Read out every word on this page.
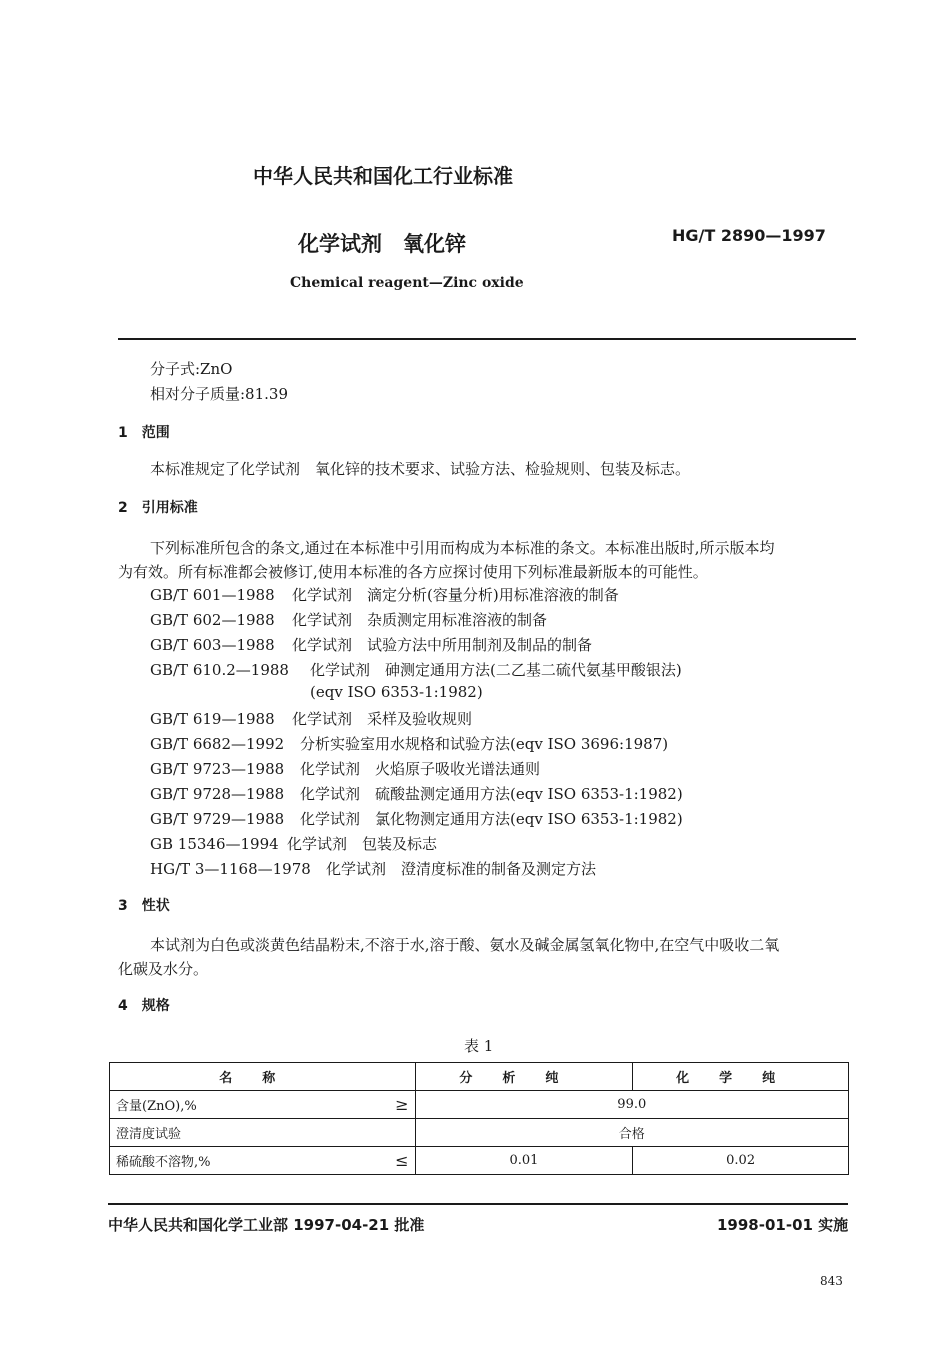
中华人民共和国化工行业标准
化学试剂　氧化锌	HG/T 2890—1997
Chemical reagent—Zinc oxide
分子式:ZnO
相对分子质量:81.39
1　范围
本标准规定了化学试剂　氧化锌的技术要求、试验方法、检验规则、包装及标志。
2　引用标准
下列标准所包含的条文,通过在本标准中引用而构成为本标准的条文。本标准出版时,所示版本均
为有效。所有标准都会被修订,使用本标准的各方应探讨使用下列标准最新版本的可能性。
GB/T 601—1988 化学试剂　滴定分析(容量分析)用标准溶液的制备
GB/T 602—1988 化学试剂　杂质测定用标准溶液的制备
GB/T 603—1988 化学试剂　试验方法中所用制剂及制品的制备
GB/T 610.2—1988 化学试剂　砷测定通用方法(二乙基二硫代氨基甲酸银法)
(eqv ISO 6353-1:1982)
GB/T 619—1988 化学试剂　采样及验收规则
GB/T 6682—1992 分析实验室用水规格和试验方法(eqv ISO 3696:1987)
GB/T 9723—1988 化学试剂　火焰原子吸收光谱法通则
GB/T 9728—1988 化学试剂　硫酸盐测定通用方法(eqv ISO 6353-1:1982)
GB/T 9729—1988 化学试剂　氯化物测定通用方法(eqv ISO 6353-1:1982)
GB 15346—1994 化学试剂　包装及标志
HG/T 3—1168—1978 化学试剂　澄清度标准的制备及测定方法
3　性状
本试剂为白色或淡黄色结晶粉末,不溶于水,溶于酸、氨水及碱金属氢氧化物中,在空气中吸收二氧
化碳及水分。
4　规格
表 1
名称	分析纯	化学纯
含量(ZnO),% ≥	99.0	
澄清度试验	合格	
稀硫酸不溶物,% ≤	0.01	0.02
中华人民共和国化学工业部 1997-04-21 批准	1998-01-01 实施
843
